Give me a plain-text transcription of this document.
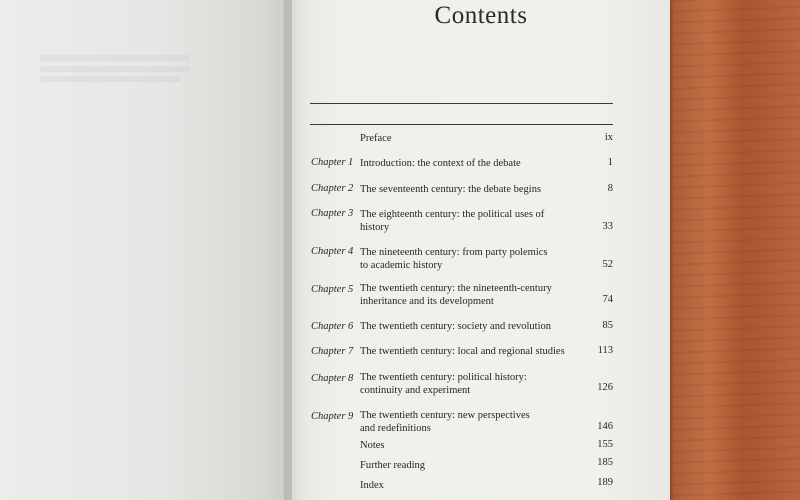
Contents
Preface	ix
Chapter 1 Introduction: the context of the debate	1
Chapter 2 The seventeenth century: the debate begins	8
Chapter 3 The eighteenth century: the political uses of
history	33
Chapter 4 The nineteenth century: from party polemics
to academic history	52
Chapter 5 The twentieth century: the nineteenth-century
inheritance and its development	74
Chapter 6 The twentieth century: society and revolution	85
Chapter 7 The twentieth century: local and regional studies	113
Chapter 8 The twentieth century: political history:
continuity and experiment	126
Chapter 9 The twentieth century: new perspectives
and redefinitions	146
Notes	155
Further reading	185
Index	189
